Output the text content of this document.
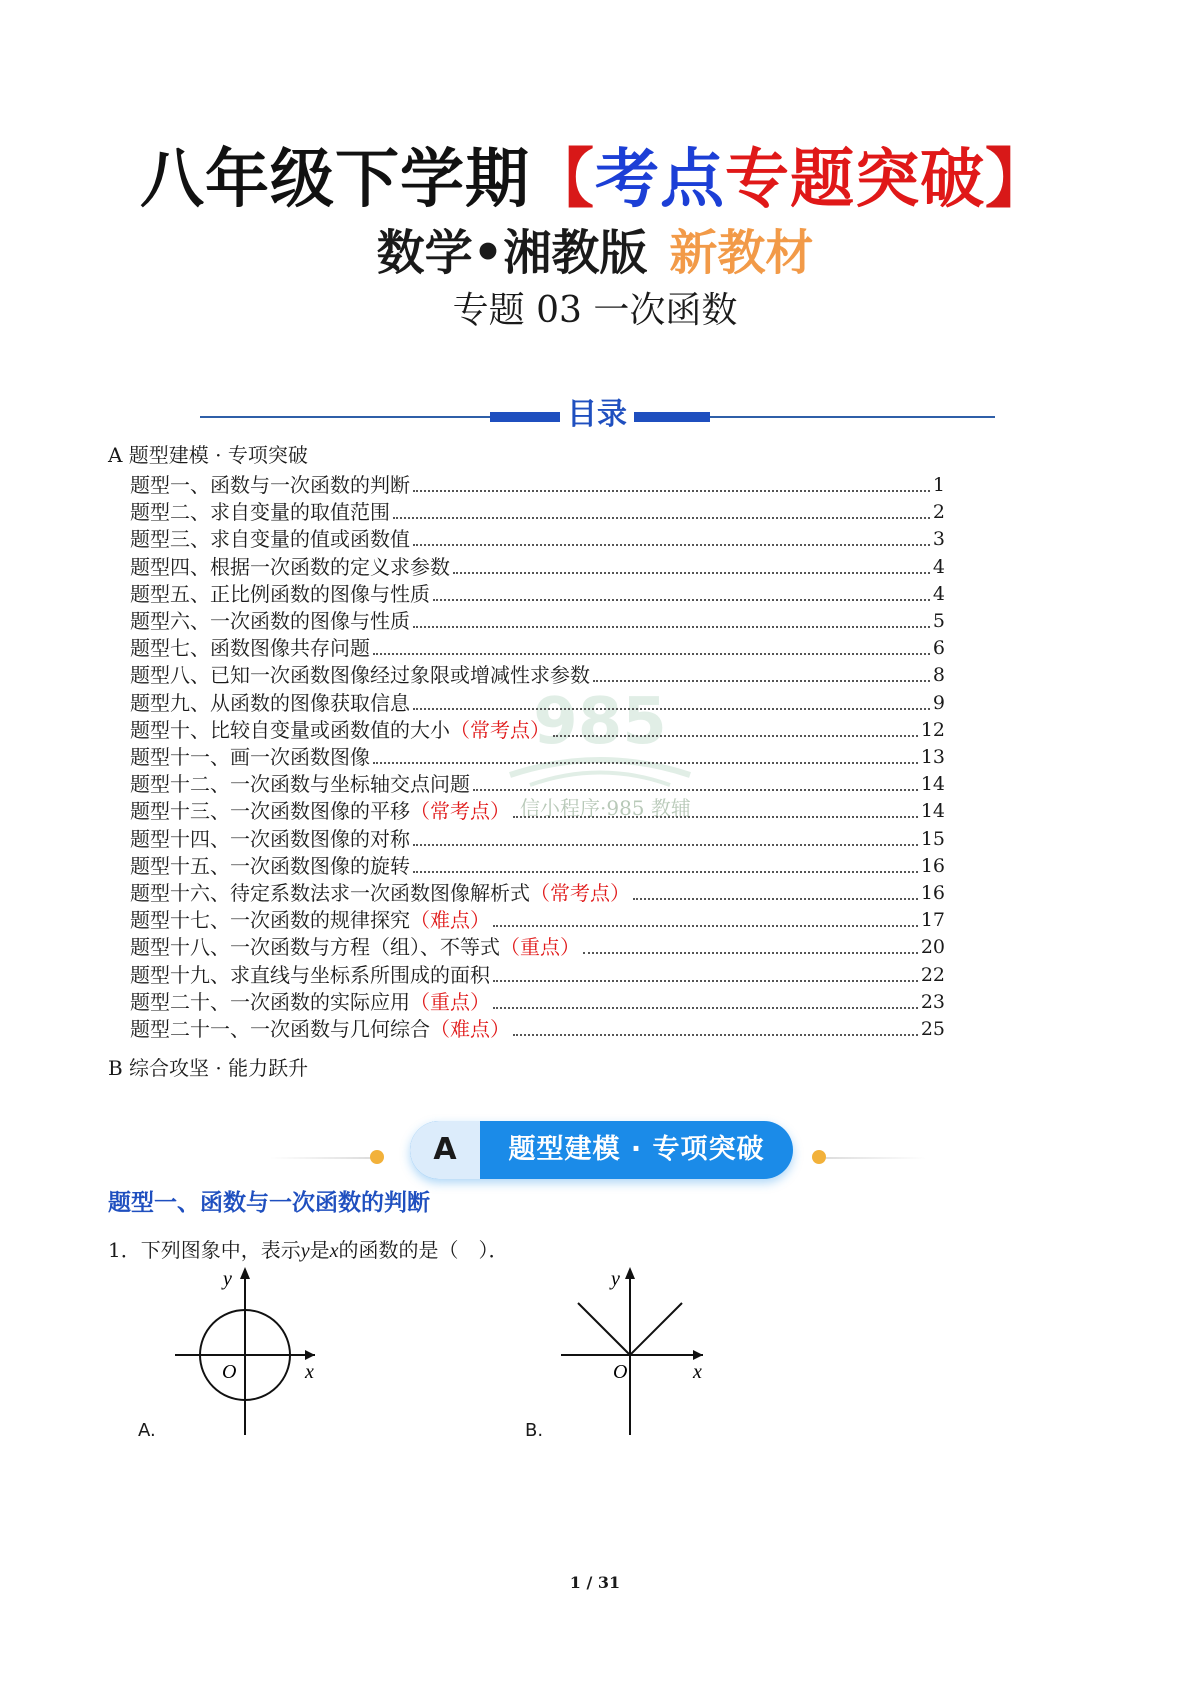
八年级下学期【考点专题突破】
数学•湘教版 新教材
专题 03 一次函数
目录
985
信小程序·985 教辅
A 题型建模 · 专项突破
题型一、函数与一次函数的判断	1
题型二、求自变量的取值范围	2
题型三、求自变量的值或函数值	3
题型四、根据一次函数的定义求参数	4
题型五、正比例函数的图像与性质	4
题型六、一次函数的图像与性质	5
题型七、函数图像共存问题	6
题型八、已知一次函数图像经过象限或增减性求参数	8
题型九、从函数的图像获取信息	9
题型十、比较自变量或函数值的大小 （常考点）	12
题型十一、画一次函数图像	13
题型十二、一次函数与坐标轴交点问题	14
题型十三、一次函数图像的平移 （常考点）	14
题型十四、一次函数图像的对称	15
题型十五、一次函数图像的旋转	16
题型十六、待定系数法求一次函数图像解析式 （常考点）	16
题型十七、一次函数的规律探究 （难点）	17
题型十八、一次函数与方程（组）、不等式 （重点）	20
题型十九、求直线与坐标系所围成的面积	22
题型二十、一次函数的实际应用 （重点）	23
题型二十一、一次函数与几何综合 （难点）	25
B 综合攻坚 · 能力跃升
A	题型建模 · 专项突破
题型一、函数与一次函数的判断
1．下列图象中，表示y是x的函数的是（　）．
y
x
O
A.
y
x
O
B.
1 / 31
